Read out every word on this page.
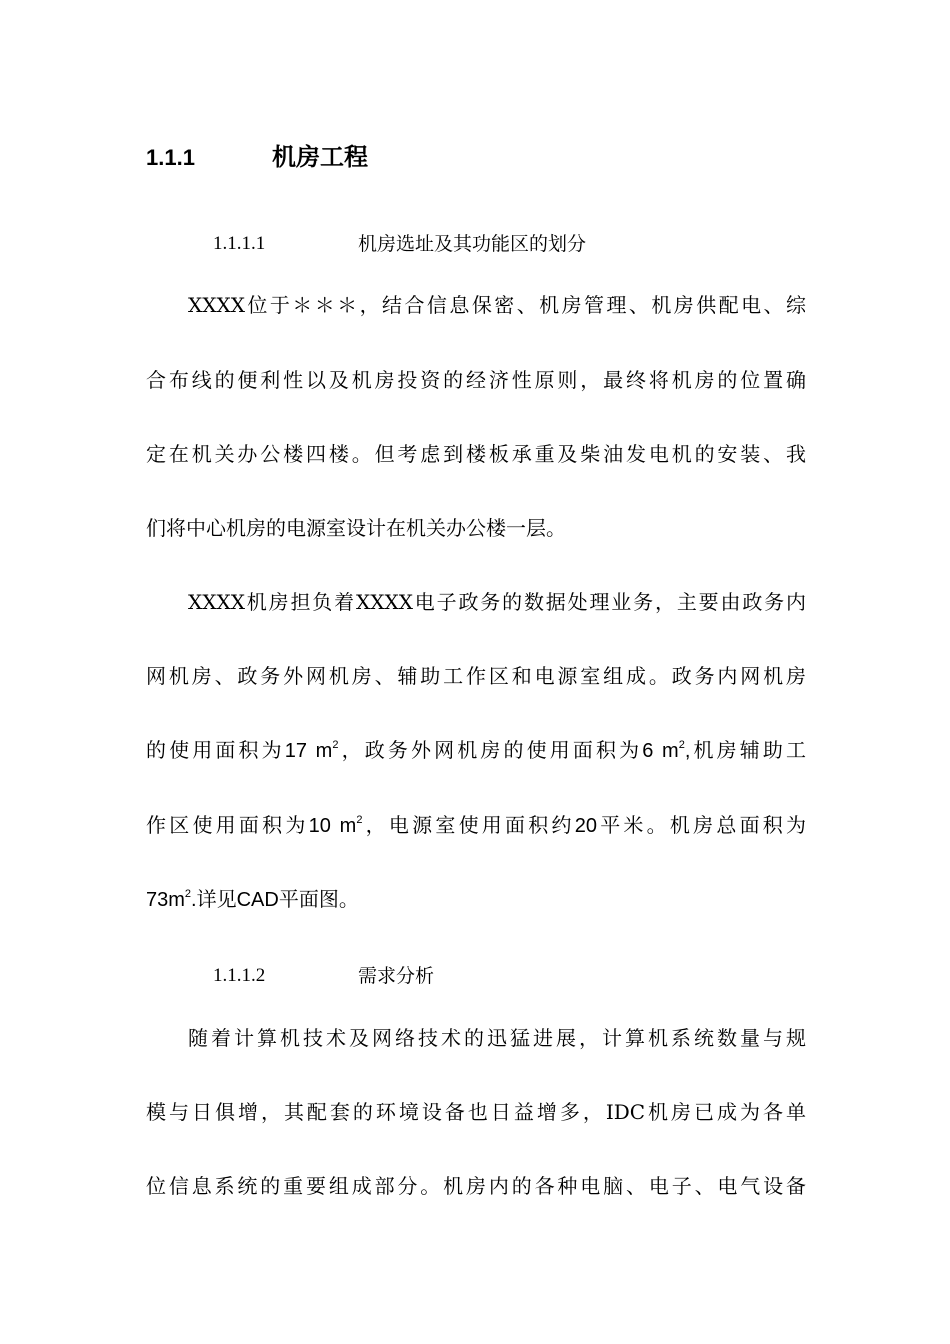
1.1.1	机房工程
1.1.1.1	机房选址及其功能区的划分
XXXX位于＊＊＊，结合信息保密、机房管理、机房供配电、综
合布线的便利性以及机房投资的经济性原则，最终将机房的位置确
定在机关办公楼四楼。但考虑到楼板承重及柴油发电机的安装、我
们将中心机房的电源室设计在机关办公楼一层。
XXXX机房担负着XXXX电子政务的数据处理业务，主要由政务内
网机房、政务外网机房、辅助工作区和电源室组成。政务内网机房
的使用面积为17 $m^2$，政务外网机房的使用面积为6 $m^2$,机房辅助工
作区使用面积为10 $m^2$，电源室使用面积约20平米。机房总面积为
$73m^2$.详见CAD平面图。
1.1.1.2	需求分析
随着计算机技术及网络技术的迅猛进展，计算机系统数量与规
模与日俱增，其配套的环境设备也日益增多，IDC机房已成为各单
位信息系统的重要组成部分。机房内的各种电脑、电子、电气设备
